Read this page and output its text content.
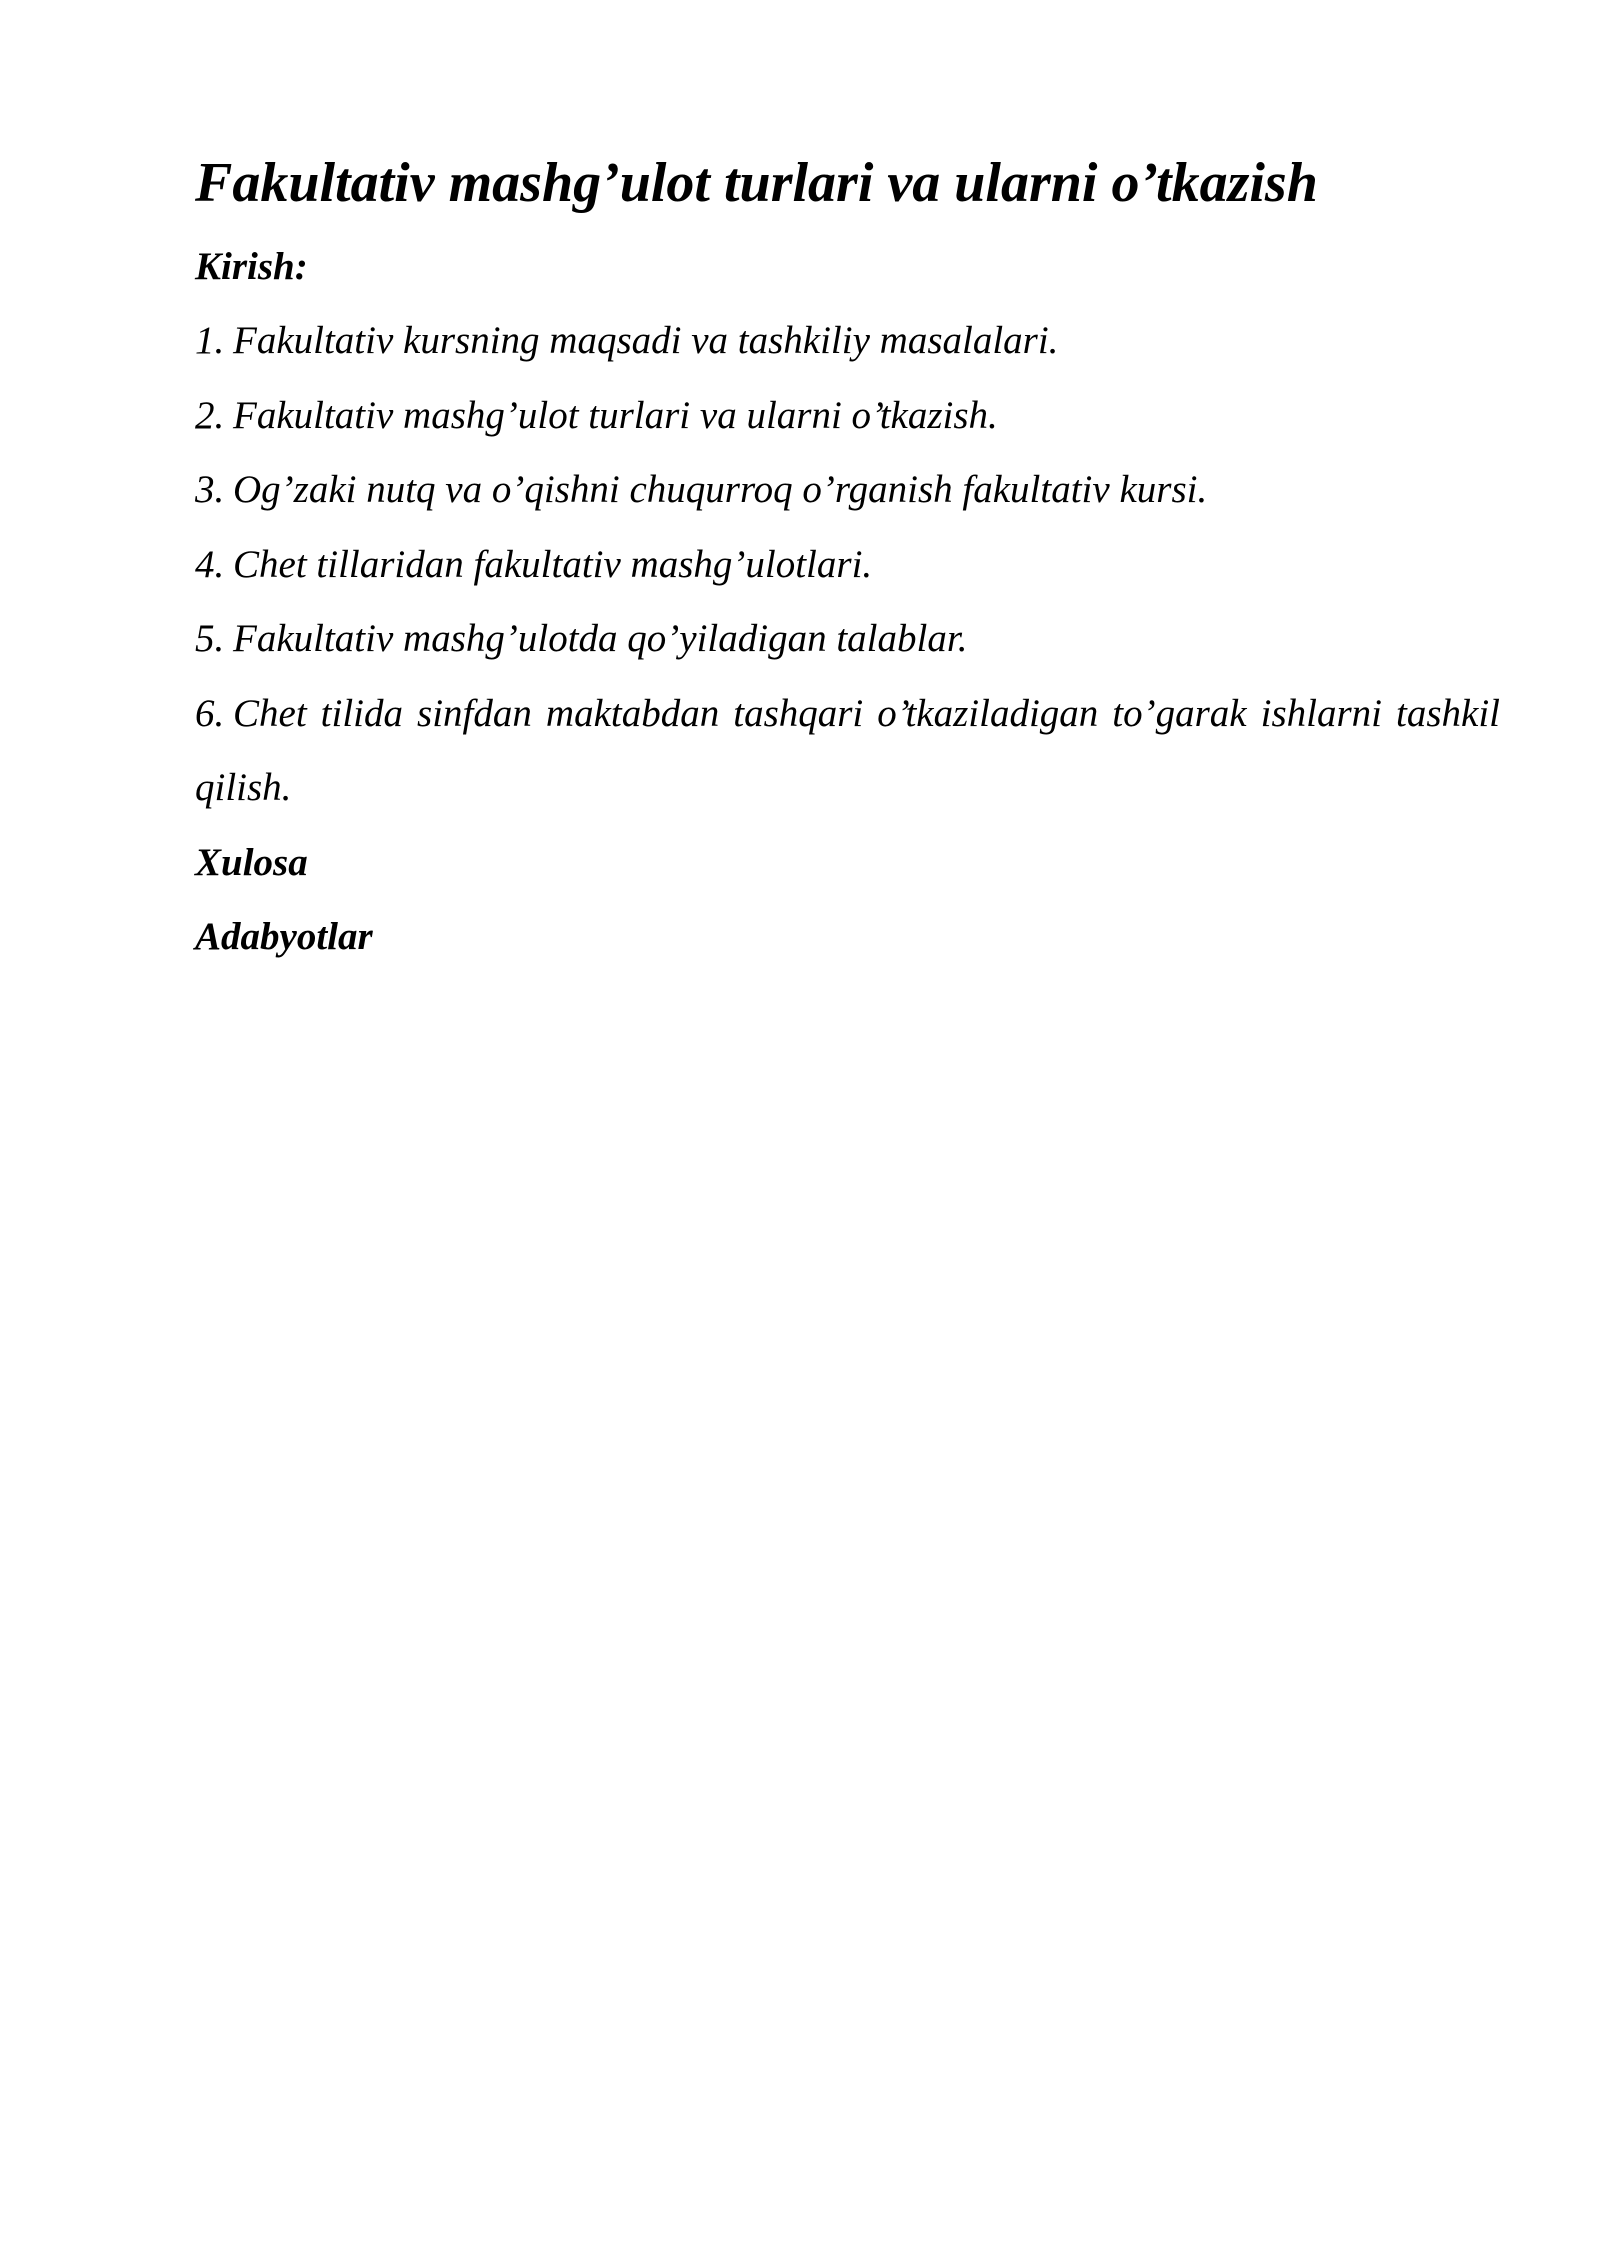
Fakultativ mashg’ulot turlari va ularni o’tkazish
Kirish:
1. Fakultativ kursning maqsadi va tashkiliy masalalari.
2. Fakultativ mashg’ulot turlari va ularni o’tkazish.
3. Og’zaki nutq va o’qishni chuqurroq o’rganish fakultativ kursi.
4. Chet tillaridan fakultativ mashg’ulotlari.
5. Fakultativ mashg’ulotda qo’yiladigan talablar.
6. Chet tilida sinfdan maktabdan tashqari o’tkaziladigan to’garak ishlarni tashkil qilish.
Xulosa
Adabyotlar
